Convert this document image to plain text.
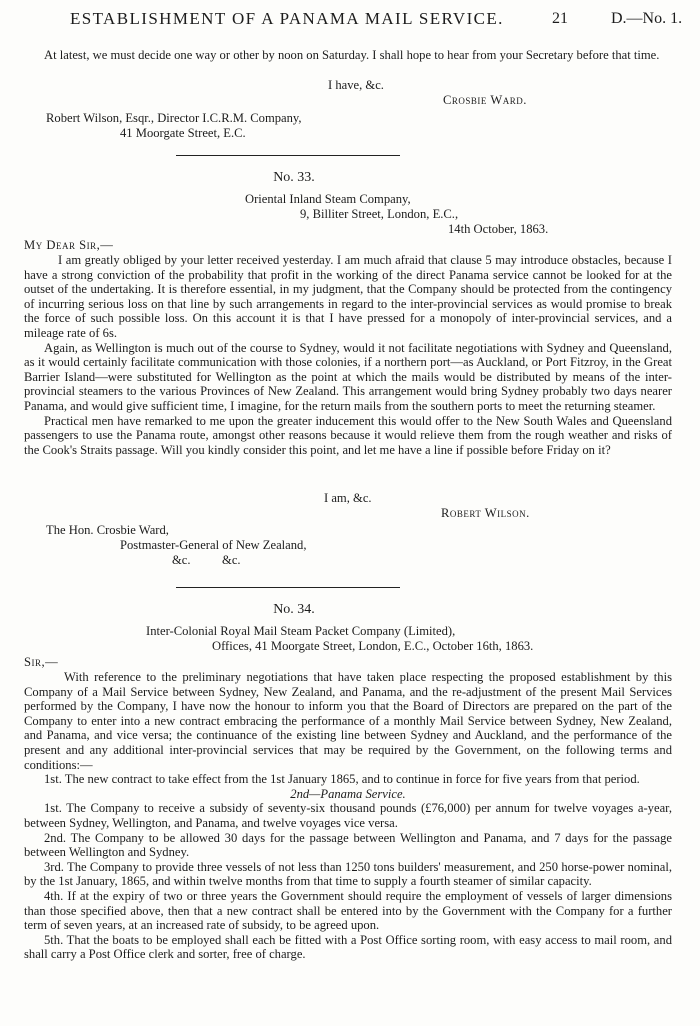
ESTABLISHMENT OF A PANAMA MAIL SERVICE.	21	D.—No. 1.

At latest, we must decide one way or other by noon on Saturday. I shall hope to hear from your Secretary before that time.

I have, &c.
Crosbie Ward.
Robert Wilson, Esqr., Director I.C.R.M. Company,
41 Moorgate Street, E.C.
No. 33.
Oriental Inland Steam Company,
9, Billiter Street, London, E.C.,
14th October, 1863.
My Dear Sir,—

I am greatly obliged by your letter received yesterday. I am much afraid that clause 5 may introduce obstacles, because I have a strong conviction of the probability that profit in the working of the direct Panama service cannot be looked for at the outset of the undertaking. It is therefore essential, in my judgment, that the Company should be protected from the contingency of incurring serious loss on that line by such arrangements in regard to the inter-provincial services as would promise to break the force of such possible loss. On this account it is that I have pressed for a monopoly of inter-provincial services, and a mileage rate of 6s.

Again, as Wellington is much out of the course to Sydney, would it not facilitate negotiations with Sydney and Queensland, as it would certainly facilitate communication with those colonies, if a northern port—as Auckland, or Port Fitzroy, in the Great Barrier Island—were substituted for Wellington as the point at which the mails would be distributed by means of the inter-provincial steamers to the various Provinces of New Zealand. This arrangement would bring Sydney probably two days nearer Panama, and would give sufficient time, I imagine, for the return mails from the southern ports to meet the returning steamer.

Practical men have remarked to me upon the greater inducement this would offer to the New South Wales and Queensland passengers to use the Panama route, amongst other reasons because it would relieve them from the rough weather and risks of the Cook's Straits passage. Will you kindly consider this point, and let me have a line if possible before Friday on it?

I am, &c.
Robert Wilson.
The Hon. Crosbie Ward,
Postmaster-General of New Zealand,
&c.          &c.
No. 34.
Inter-Colonial Royal Mail Steam Packet Company (Limited),
Offices, 41 Moorgate Street, London, E.C., October 16th, 1863.
Sir,—

With reference to the preliminary negotiations that have taken place respecting the proposed establishment by this Company of a Mail Service between Sydney, New Zealand, and Panama, and the re-adjustment of the present Mail Services performed by the Company, I have now the honour to inform you that the Board of Directors are prepared on the part of the Company to enter into a new contract embracing the performance of a monthly Mail Service between Sydney, New Zealand, and Panama, and vice versa; the continuance of the existing line between Sydney and Auckland, and the performance of the present and any additional inter-provincial services that may be required by the Government, on the following terms and conditions:—

1st. The new contract to take effect from the 1st January 1865, and to continue in force for five years from that period.

2nd—Panama Service.

1st. The Company to receive a subsidy of seventy-six thousand pounds (£76,000) per annum for twelve voyages a-year, between Sydney, Wellington, and Panama, and twelve voyages vice versa.

2nd. The Company to be allowed 30 days for the passage between Wellington and Panama, and 7 days for the passage between Wellington and Sydney.

3rd. The Company to provide three vessels of not less than 1250 tons builders' measurement, and 250 horse-power nominal, by the 1st January, 1865, and within twelve months from that time to supply a fourth steamer of similar capacity.

4th. If at the expiry of two or three years the Government should require the employment of vessels of larger dimensions than those specified above, then that a new contract shall be entered into by the Government with the Company for a further term of seven years, at an increased rate of subsidy, to be agreed upon.

5th. That the boats to be employed shall each be fitted with a Post Office sorting room, with easy access to mail room, and shall carry a Post Office clerk and sorter, free of charge.
